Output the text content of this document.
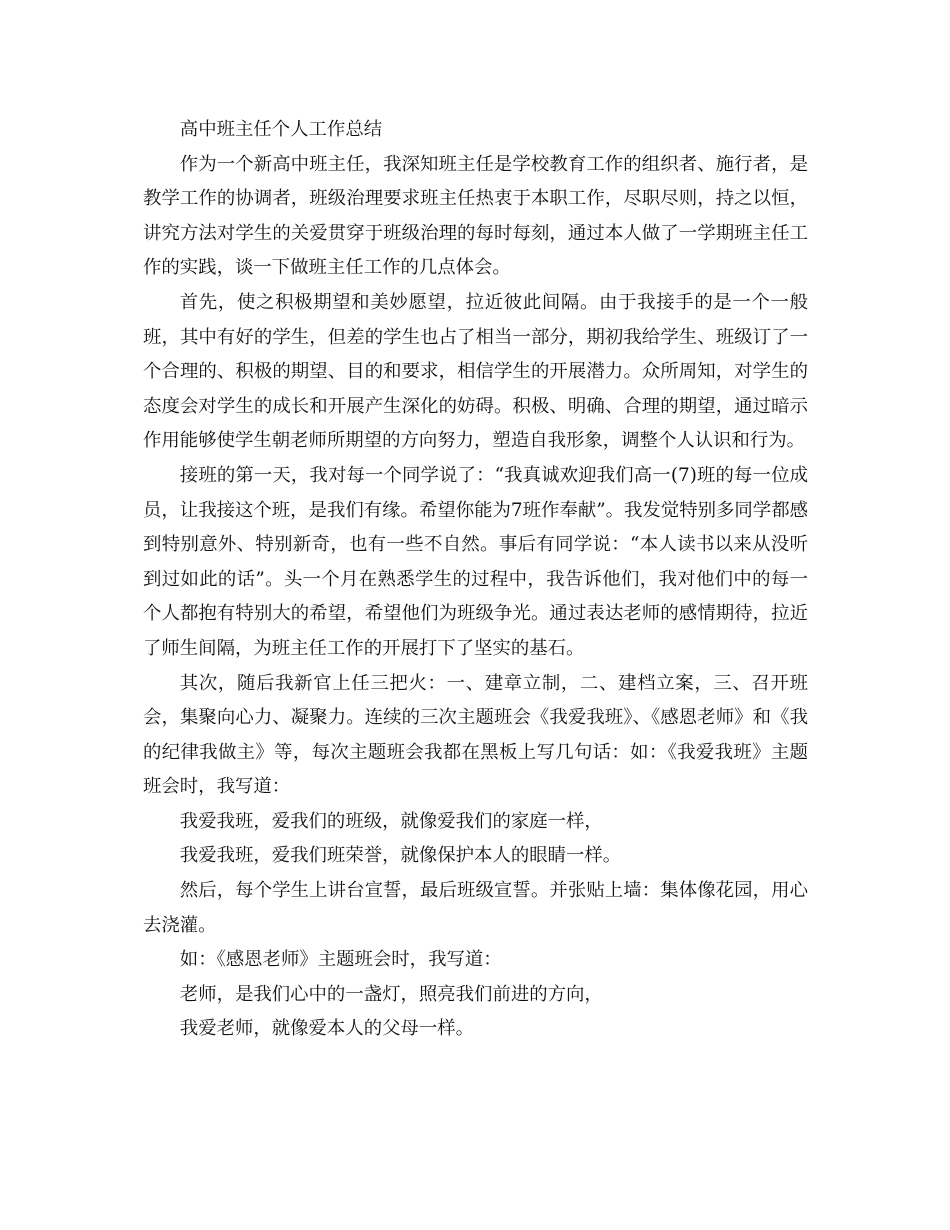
高中班主任个人工作总结

作为一个新高中班主任，我深知班主任是学校教育工作的组织者、施行者，是教学工作的协调者，班级治理要求班主任热衷于本职工作，尽职尽则，持之以恒，讲究方法对学生的关爱贯穿于班级治理的每时每刻，通过本人做了一学期班主任工作的实践，谈一下做班主任工作的几点体会。

首先，使之积极期望和美妙愿望，拉近彼此间隔。由于我接手的是一个一般班，其中有好的学生，但差的学生也占了相当一部分，期初我给学生、班级订了一个合理的、积极的期望、目的和要求，相信学生的开展潜力。众所周知，对学生的态度会对学生的成长和开展产生深化的妨碍。积极、明确、合理的期望，通过暗示作用能够使学生朝老师所期望的方向努力，塑造自我形象，调整个人认识和行为。

接班的第一天，我对每一个同学说了：“我真诚欢迎我们高一(7)班的每一位成员，让我接这个班，是我们有缘。希望你能为7班作奉献”。我发觉特别多同学都感到特别意外、特别新奇，也有一些不自然。事后有同学说：“本人读书以来从没听到过如此的话”。头一个月在熟悉学生的过程中，我告诉他们，我对他们中的每一个人都抱有特别大的希望，希望他们为班级争光。通过表达老师的感情期待，拉近了师生间隔，为班主任工作的开展打下了坚实的基石。

其次，随后我新官上任三把火：一、建章立制，二、建档立案，三、召开班会，集聚向心力、凝聚力。连续的三次主题班会《我爱我班》、《感恩老师》和《我的纪律我做主》等，每次主题班会我都在黑板上写几句话：如：《我爱我班》主题班会时，我写道：

我爱我班，爱我们的班级，就像爱我们的家庭一样，

我爱我班，爱我们班荣誉，就像保护本人的眼睛一样。

然后，每个学生上讲台宣誓，最后班级宣誓。并张贴上墙：集体像花园，用心去浇灌。

如：《感恩老师》主题班会时，我写道：

老师，是我们心中的一盏灯，照亮我们前进的方向，

我爱老师，就像爱本人的父母一样。
